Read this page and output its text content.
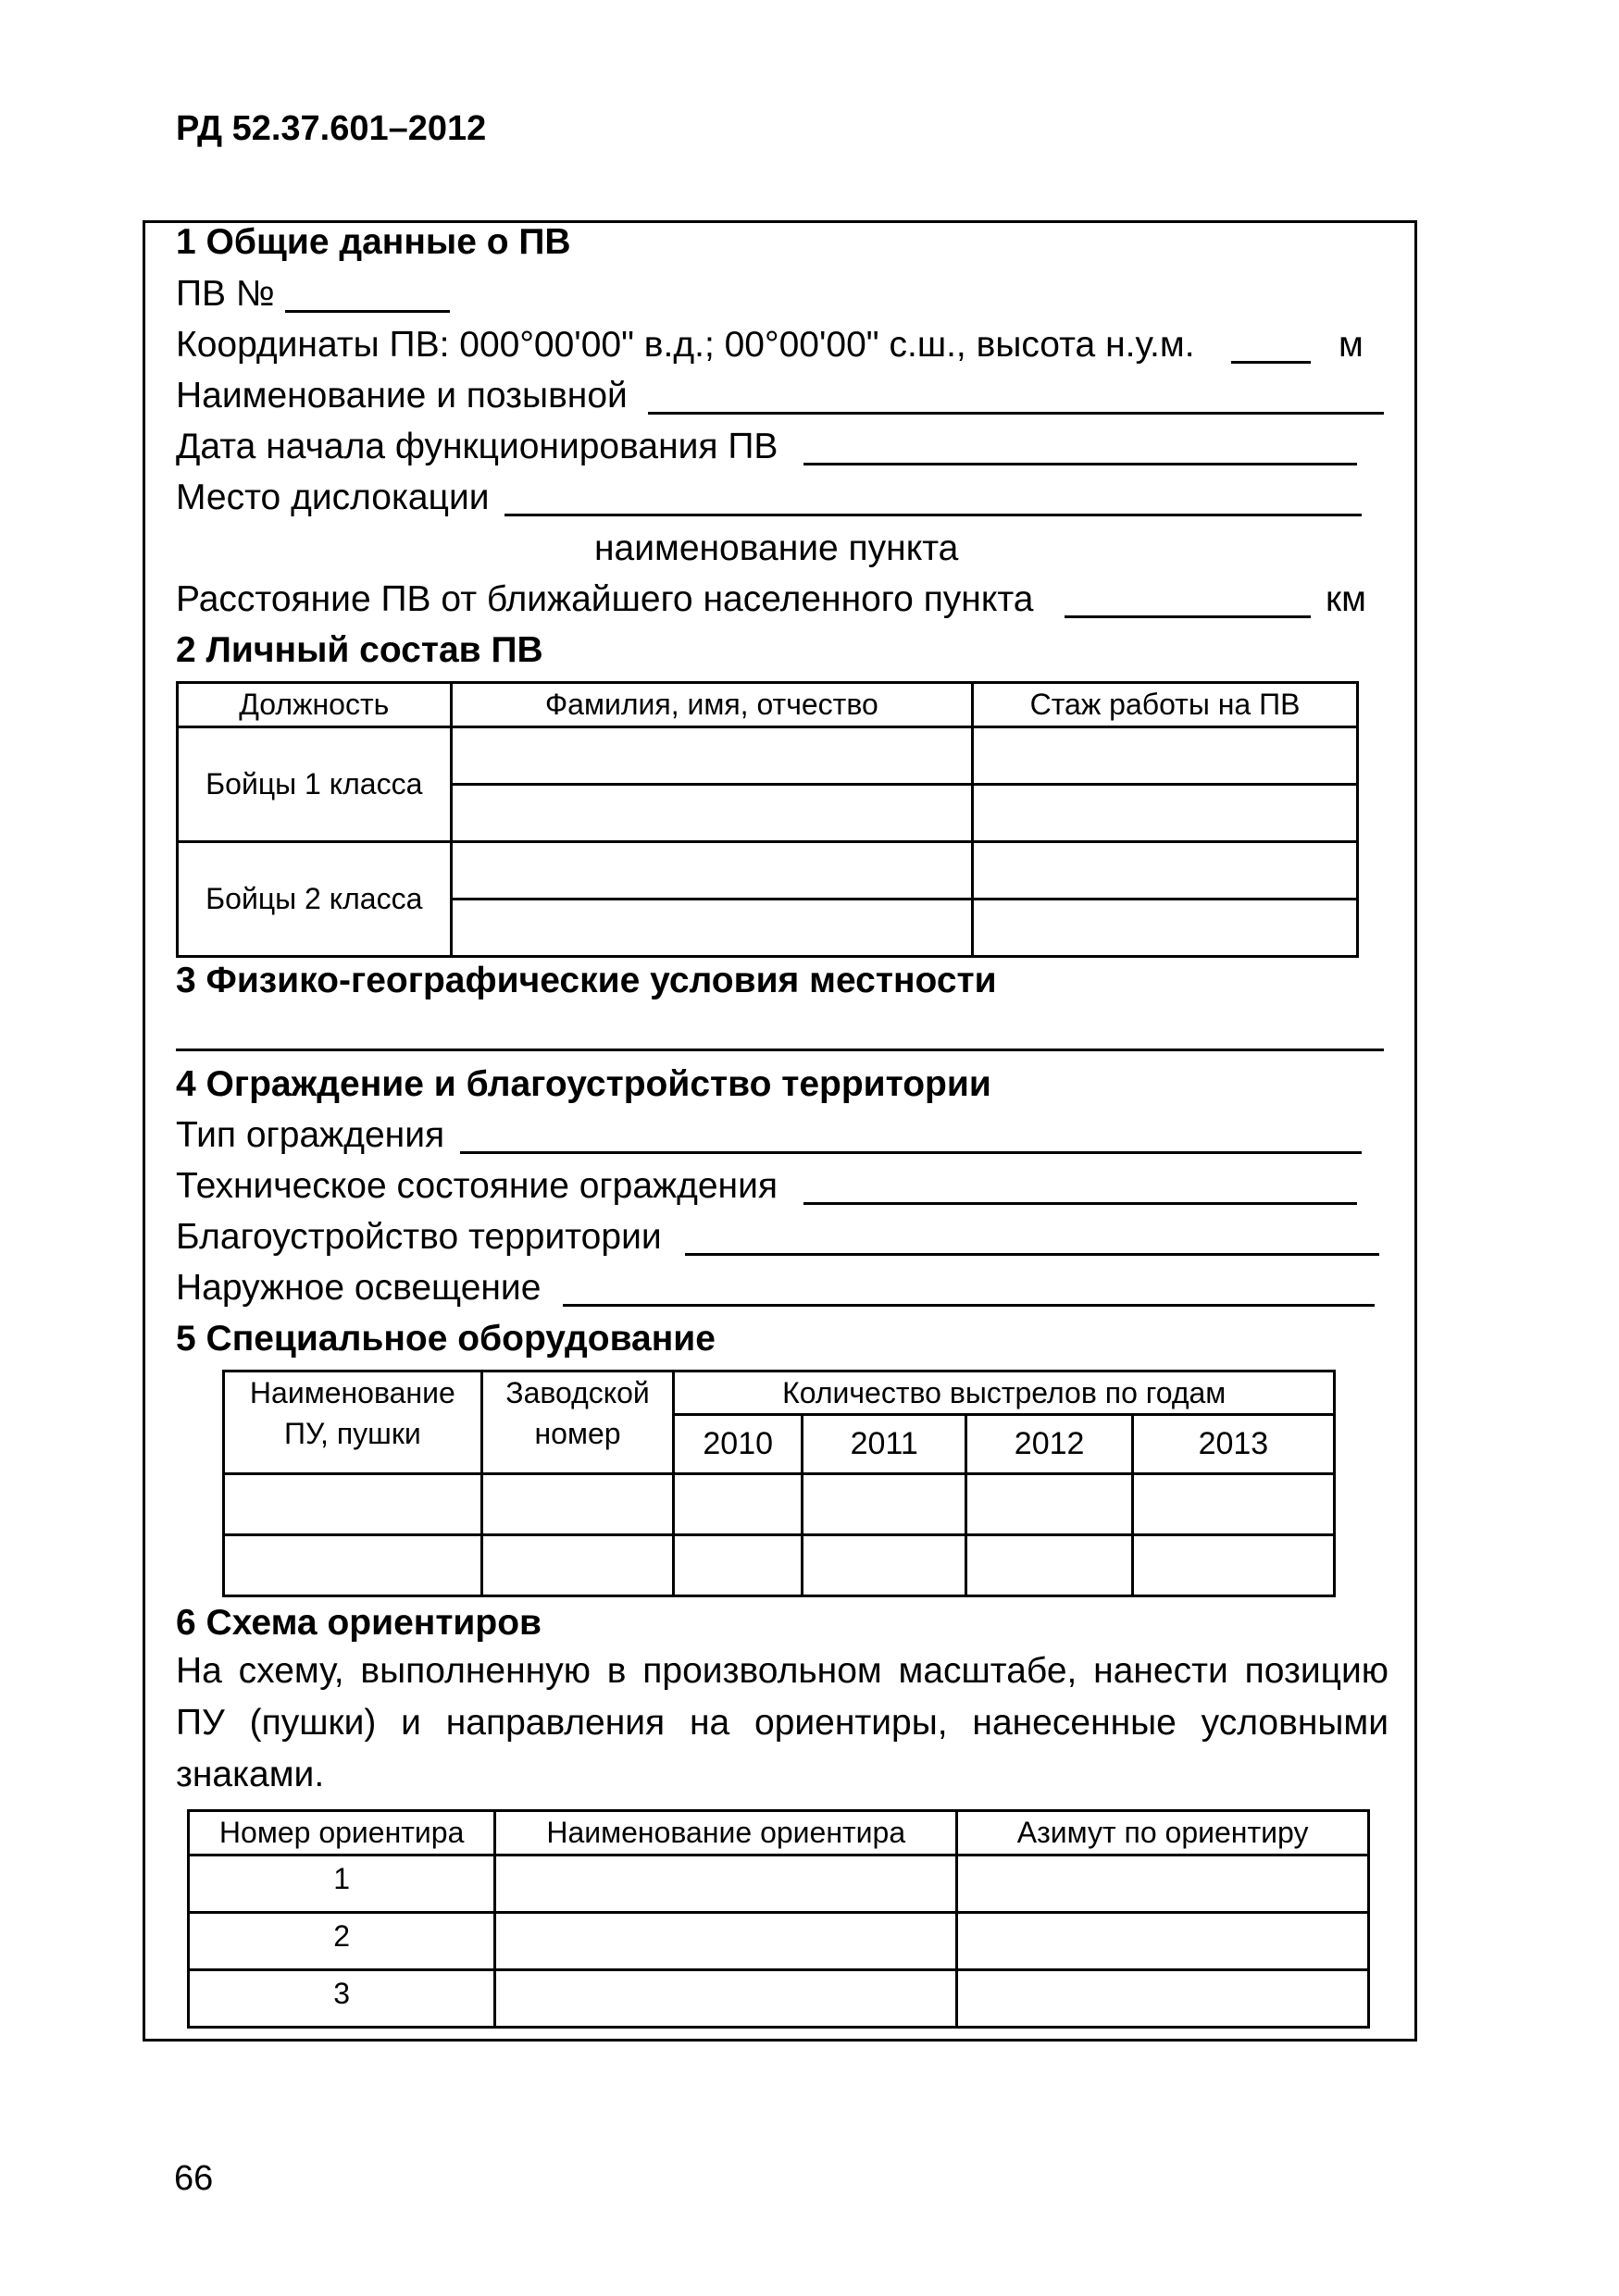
РД 52.37.601–2012
1 Общие данные о ПВ
ПВ №
Координаты ПВ: 000°00'00" в.д.; 00°00'00" с.ш., высота н.у.м.	м
Наименование и позывной
Дата начала функционирования ПВ
Место дислокации
наименование пункта
Расстояние ПВ от ближайшего населенного пункта	км
2 Личный состав ПВ
Должность	Фамилия, имя, отчество	Стаж работы на ПВ
Бойцы 1 класса		

Бойцы 2 класса		

3 Физико-географические условия местности
4 Ограждение и благоустройство территории
Тип ограждения
Техническое состояние ограждения
Благоустройство территории
Наружное освещение
5 Специальное оборудование
Наименование ПУ, пушки	Заводской номер	Количество выстрелов по годам			
		2010	2011	2012	2013

6 Схема ориентиров
На схему, выполненную в произвольном масштабе, нанести позицию ПУ (пушки) и направления на ориентиры, нанесенные условными знаками.
Номер ориентира	Наименование ориентира	Азимут по ориентиру
1		
2		
3		
66
